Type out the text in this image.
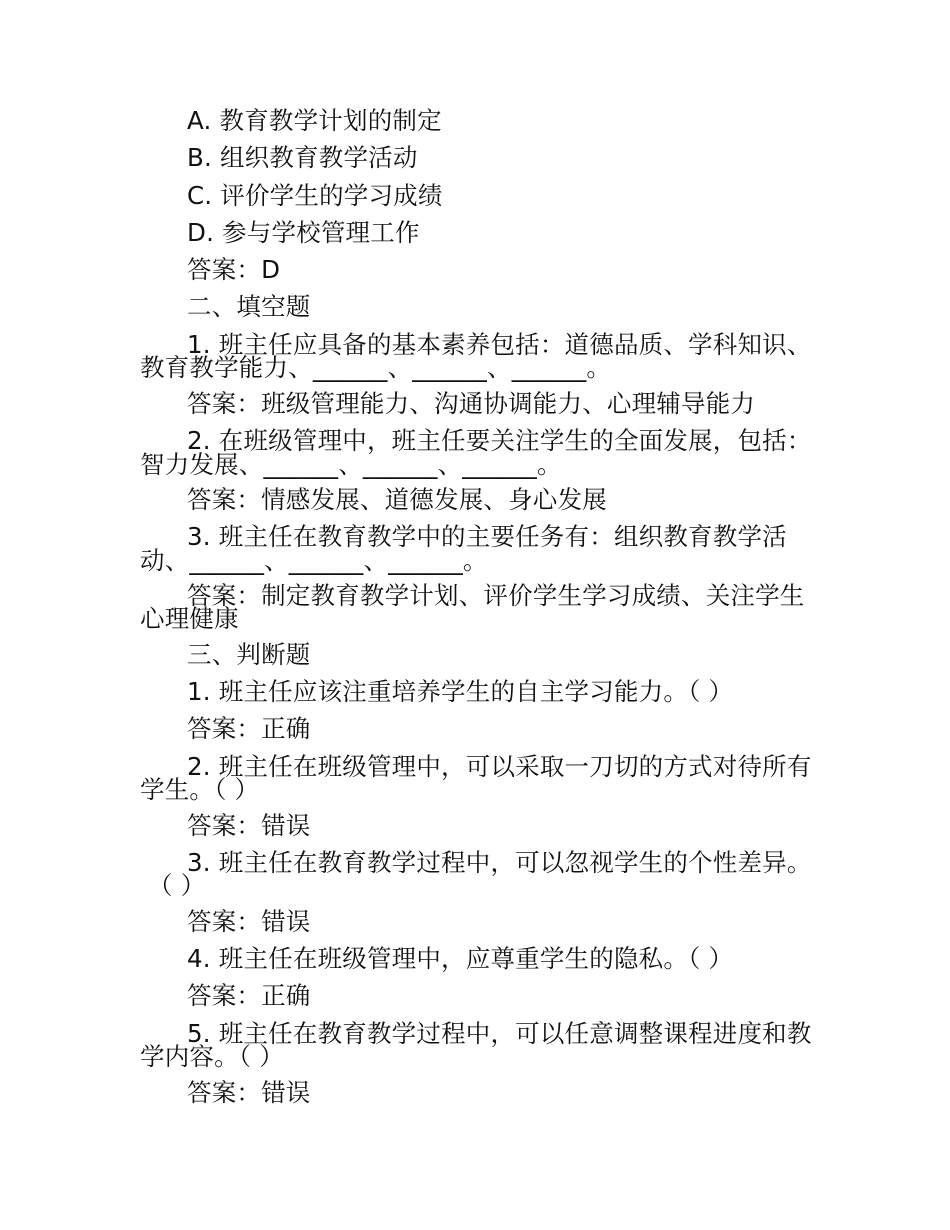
A. 教育教学计划的制定

B. 组织教育教学活动

C. 评价学生的学习成绩

D. 参与学校管理工作

答案：D

二、填空题

1. 班主任应具备的基本素养包括：道德品质、学科知识、

教育教学能力、______、______、______。

答案：班级管理能力、沟通协调能力、心理辅导能力

2. 在班级管理中，班主任要关注学生的全面发展，包括：

智力发展、______、______、______。

答案：情感发展、道德发展、身心发展

3. 班主任在教育教学中的主要任务有：组织教育教学活

动、______、______、______。

答案：制定教育教学计划、评价学生学习成绩、关注学生

心理健康

三、判断题

1. 班主任应该注重培养学生的自主学习能力。（ ）

答案：正确

2. 班主任在班级管理中，可以采取一刀切的方式对待所有

学生。（ ）

答案：错误

3. 班主任在教育教学过程中，可以忽视学生的个性差异。

（ ）

答案：错误

4. 班主任在班级管理中，应尊重学生的隐私。（ ）

答案：正确

5. 班主任在教育教学过程中，可以任意调整课程进度和教

学内容。（ ）

答案：错误
